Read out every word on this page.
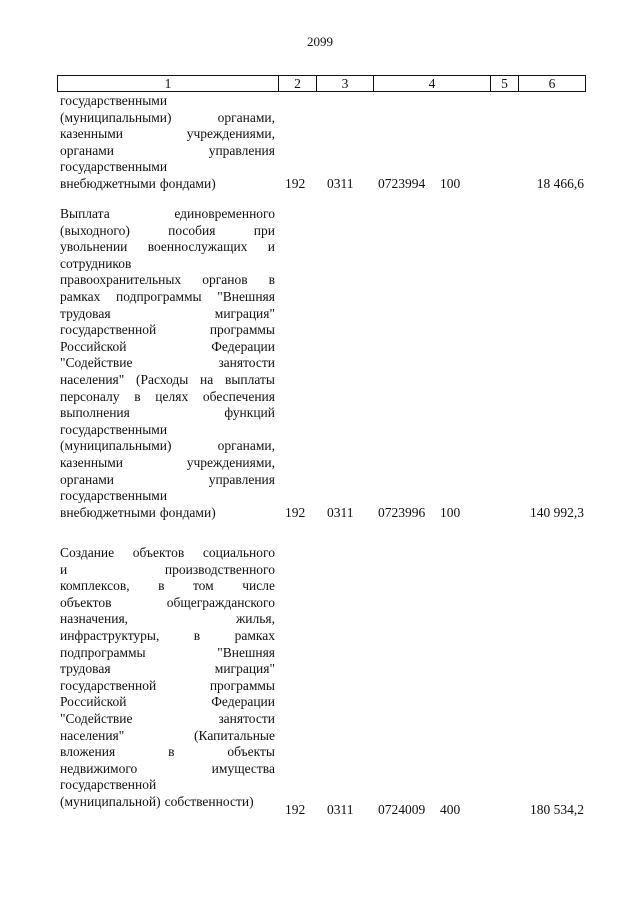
2099
1	2	3	4	5	6
государственными
(муниципальными)	органами,
казенными	учреждениями,
органами	управления
государственными
внебюджетными фондами)	192 0311 0723994 100	18 466,6
Выплата	единовременного
(выходного)	пособия	при
увольнении военнослужащих и
сотрудников
правоохранительных органов в
рамках подпрограммы "Внешняя
трудовая	миграция"
государственной	программы
Российской	Федерации
"Содействие	занятости
населения" (Расходы на выплаты
персоналу в целях обеспечения
выполнения	функций
государственными
(муниципальными)	органами,
казенными	учреждениями,
органами	управления
государственными
внебюджетными фондами)	192 0311 0723996 100	140 992,3
Создание объектов социального
и	производственного
комплексов, в том числе
объектов	общегражданского
назначения,	жилья,
инфраструктуры,	в	рамках
подпрограммы	"Внешняя
трудовая	миграция"
государственной	программы
Российской	Федерации
"Содействие	занятости
населения"	(Капитальные
вложения	в	объекты
недвижимого	имущества
государственной
(муниципальной) собственности)
192 0311 0724009 400	180 534,2
